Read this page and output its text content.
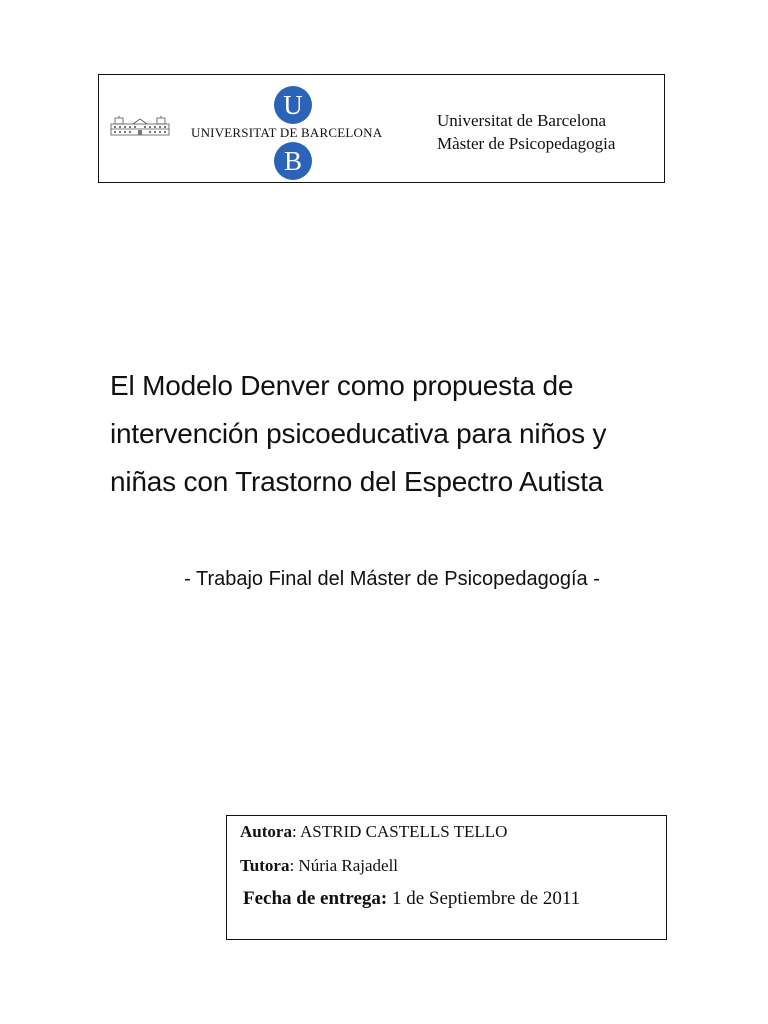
UNIVERSITAT DE BARCELONA
U
B
Universitat de Barcelona
Màster de Psicopedagogia
El Modelo Denver como propuesta de
intervención psicoeducativa para niños y
niñas con Trastorno del Espectro Autista
- Trabajo Final del Máster de Psicopedagogía -
Autora: ASTRID CASTELLS TELLO
Tutora: Núria Rajadell
Fecha de entrega: 1 de Septiembre de 2011
